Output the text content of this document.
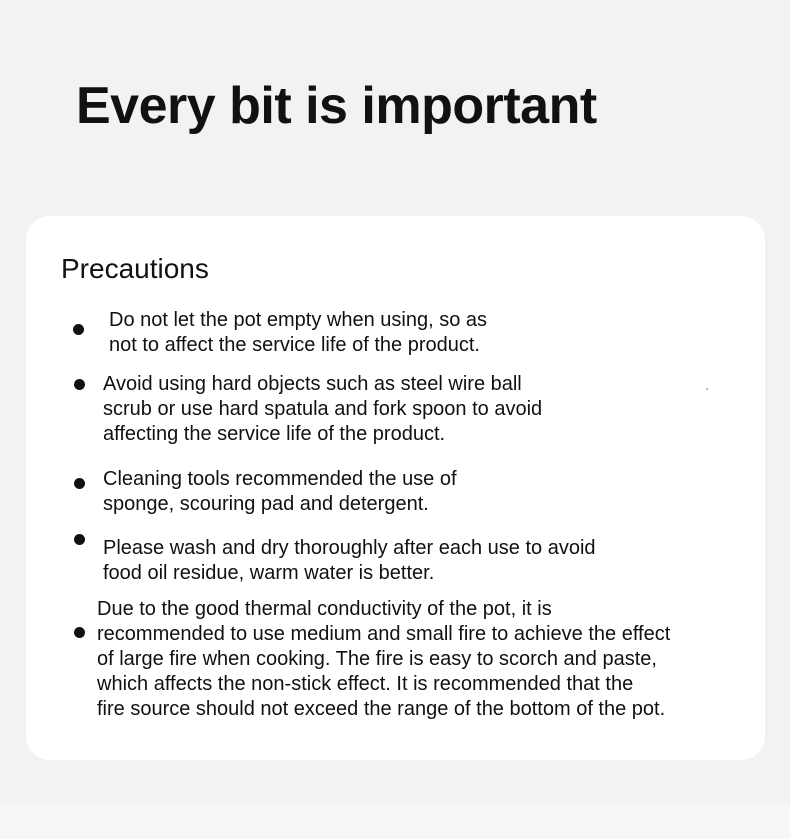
Every bit is important
Precautions

Do not let the pot empty when using, so as
not to affect the service life of the product.

Avoid using hard objects such as steel wire ball
scrub or use hard spatula and fork spoon to avoid
affecting the service life of the product.

Cleaning tools recommended the use of
sponge, scouring pad and detergent.

Please wash and dry thoroughly after each use to avoid
food oil residue, warm water is better.

Due to the good thermal conductivity of the pot, it is
recommended to use medium and small fire to achieve the effect
of large fire when cooking. The fire is easy to scorch and paste,
which affects the non-stick effect. It is recommended that the
fire source should not exceed the range of the bottom of the pot.
